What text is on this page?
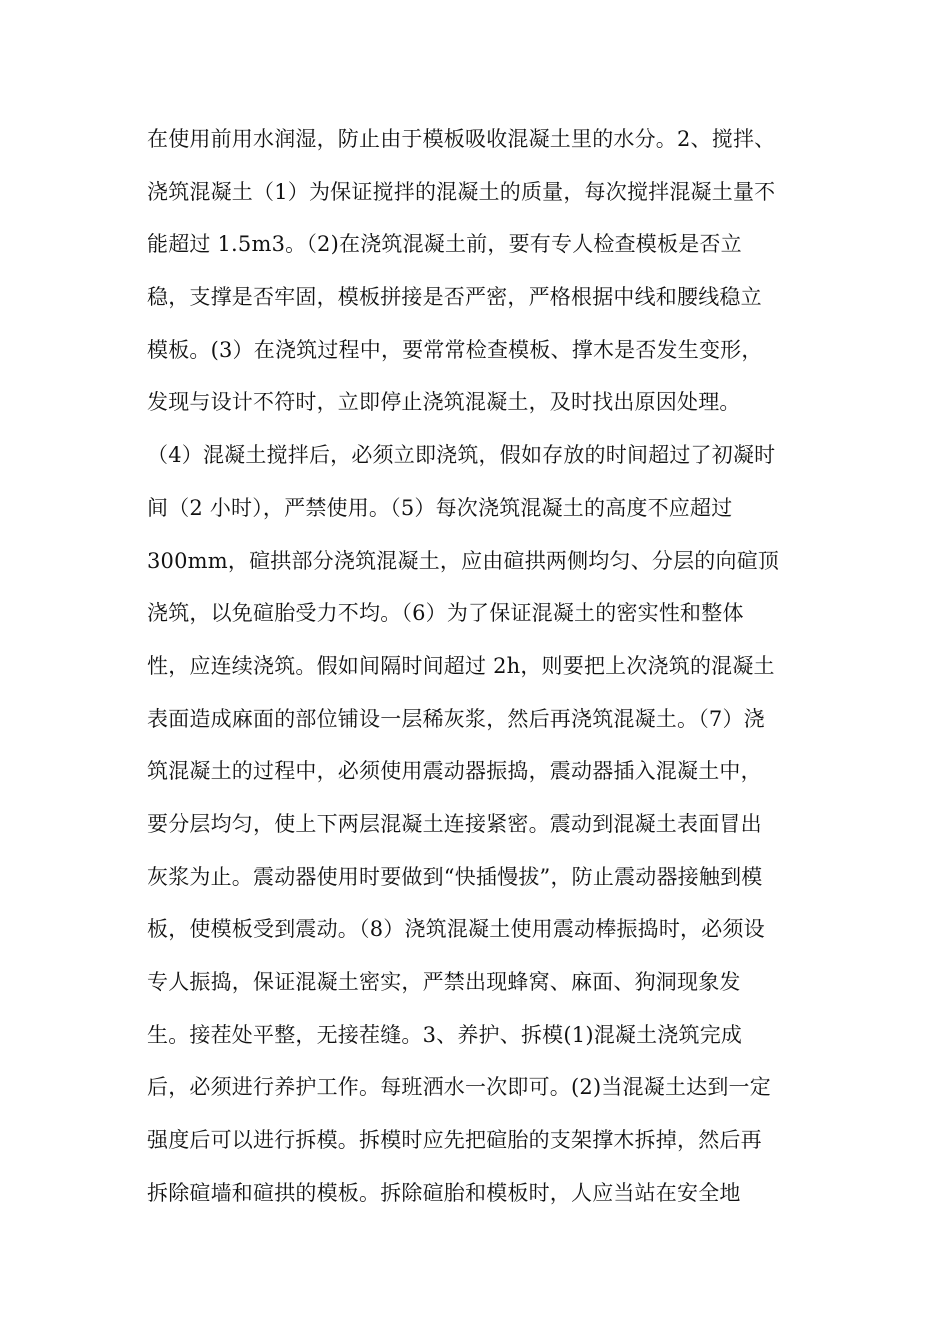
在使用前用水润湿，防止由于模板吸收混凝土里的水分。2、搅拌、
浇筑混凝土（1）为保证搅拌的混凝土的质量，每次搅拌混凝土量不
能超过 1.5m3。（2)在浇筑混凝土前，要有专人检查模板是否立
稳，支撑是否牢固，模板拼接是否严密，严格根据中线和腰线稳立
模板。(3）在浇筑过程中，要常常检查模板、撑木是否发生变形，
发现与设计不符时，立即停止浇筑混凝土，及时找出原因处理。
（4）混凝土搅拌后，必须立即浇筑，假如存放的时间超过了初凝时
间（2 小时），严禁使用。（5）每次浇筑混凝土的高度不应超过
300mm，碹拱部分浇筑混凝土，应由碹拱两侧均匀、分层的向碹顶
浇筑，以免碹胎受力不均。（6）为了保证混凝土的密实性和整体
性，应连续浇筑。假如间隔时间超过 2h，则要把上次浇筑的混凝土
表面造成麻面的部位铺设一层稀灰浆，然后再浇筑混凝土。（7）浇
筑混凝土的过程中，必须使用震动器振捣，震动器插入混凝土中，
要分层均匀，使上下两层混凝土连接紧密。震动到混凝土表面冒出
灰浆为止。震动器使用时要做到“快插慢拔”，防止震动器接触到模
板，使模板受到震动。（8）浇筑混凝土使用震动棒振捣时，必须设
专人振捣，保证混凝土密实，严禁出现蜂窝、麻面、狗洞现象发
生。接茬处平整，无接茬缝。3、养护、拆模(1)混凝土浇筑完成
后，必须进行养护工作。每班洒水一次即可。(2)当混凝土达到一定
强度后可以进行拆模。拆模时应先把碹胎的支架撑木拆掉，然后再
拆除碹墙和碹拱的模板。拆除碹胎和模板时，人应当站在安全地
